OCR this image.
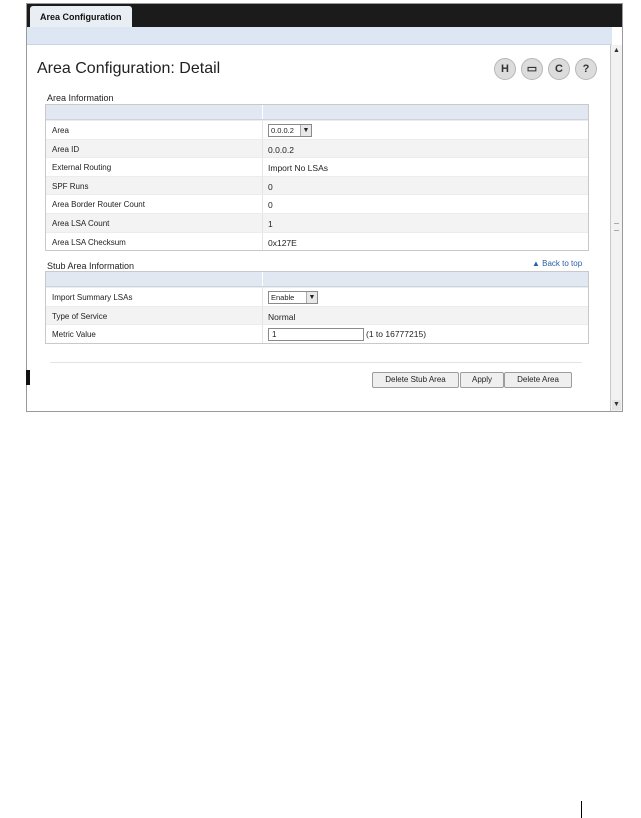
Area Configuration
Area Configuration: Detail	H	▭	C	?
Area Information
Area	0.0.0.2	▼
Area ID	0.0.0.2
External Routing	Import No LSAs
SPF Runs	0
Area Border Router Count	0
Area LSA Count	1
Area LSA Checksum	0x127E
Stub Area Information	▲ Back to top
Import Summary LSAs	Enable	▼
Type of Service	Normal
Metric Value	1	(1 to 16777215)
Delete Stub Area	Apply	Delete Area
▲
▼
